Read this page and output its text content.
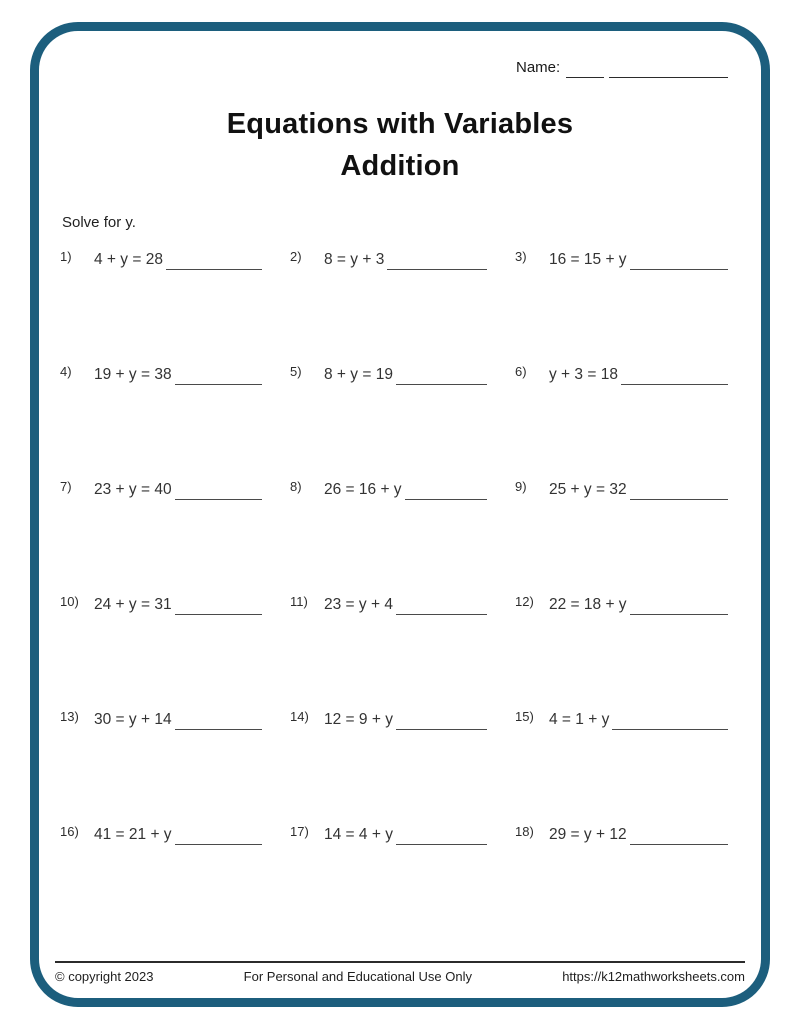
Name:
Equations with Variables
Addition
Solve for y.
1)	4 + y = 28	2)	8 = y + 3	3)	16 = 15 + y
4)	19 + y = 38	5)	8 + y = 19	6)	y + 3 = 18
7)	23 + y = 40	8)	26 = 16 + y	9)	25 + y = 32
10) 24 + y = 31	11)	23 = y + 4	12) 22 = 18 + y
13) 30 = y + 14	14) 12 = 9 + y	15) 4 = 1 + y
16) 41 = 21 + y	17) 14 = 4 + y	18) 29 = y + 12
© copyright 2023	For Personal and Educational Use Only	https://k12mathworksheets.com
